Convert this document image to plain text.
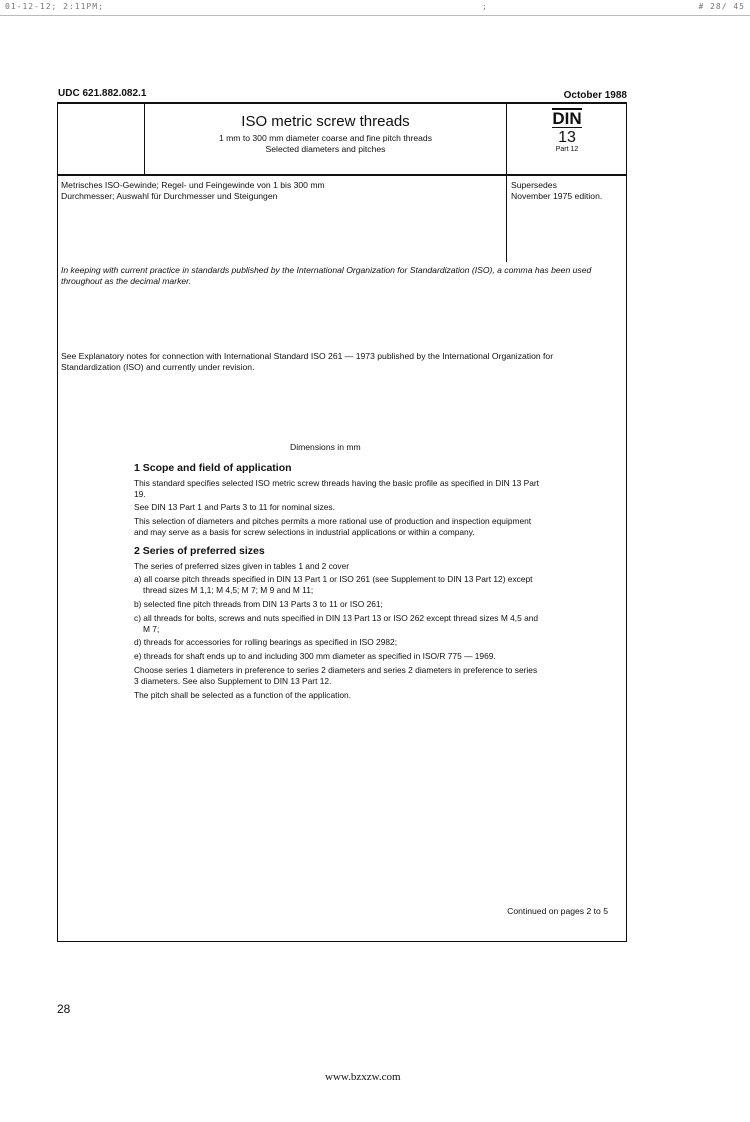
01-12-12; 2:11PM;	;	# 28/ 45
UDC 621.882.082.1	October 1988
ISO metric screw threads
1 mm to 300 mm diameter coarse and fine pitch threads
Selected diameters and pitches
DIN
13
Part 12
Metrisches ISO-Gewinde; Regel- und Feingewinde von 1 bis 300 mm
Durchmesser; Auswahl für Durchmesser und Steigungen
Supersedes
November 1975 edition.
In keeping with current practice in standards published by the International Organization for Standardization (ISO), a comma has been used throughout as the decimal marker.
See Explanatory notes for connection with International Standard ISO 261 — 1973 published by the International Organization for Standardization (ISO) and currently under revision.
Dimensions in mm
1 Scope and field of application

This standard specifies selected ISO metric screw threads having the basic profile as specified in DIN 13 Part 19.

See DIN 13 Part 1 and Parts 3 to 11 for nominal sizes.

This selection of diameters and pitches permits a more rational use of production and inspection equipment and may serve as a basis for screw selections in industrial applications or within a company.

2 Series of preferred sizes

The series of preferred sizes given in tables 1 and 2 cover

a) all coarse pitch threads specified in DIN 13 Part 1 or ISO 261 (see Supplement to DIN 13 Part 12) except thread sizes M 1,1; M 4,5; M 7; M 9 and M 11;

b) selected fine pitch threads from DIN 13 Parts 3 to 11 or ISO 261;

c) all threads for bolts, screws and nuts specified in DIN 13 Part 13 or ISO 262 except thread sizes M 4,5 and M 7;

d) threads for accessories for rolling bearings as specified in ISO 2982;

e) threads for shaft ends up to and including 300 mm diameter as specified in ISO/R 775 — 1969.

Choose series 1 diameters in preference to series 2 diameters and series 2 diameters in preference to series 3 diameters. See also Supplement to DIN 13 Part 12.

The pitch shall be selected as a function of the application.

Continued on pages 2 to 5
28
www.bzxzw.com
